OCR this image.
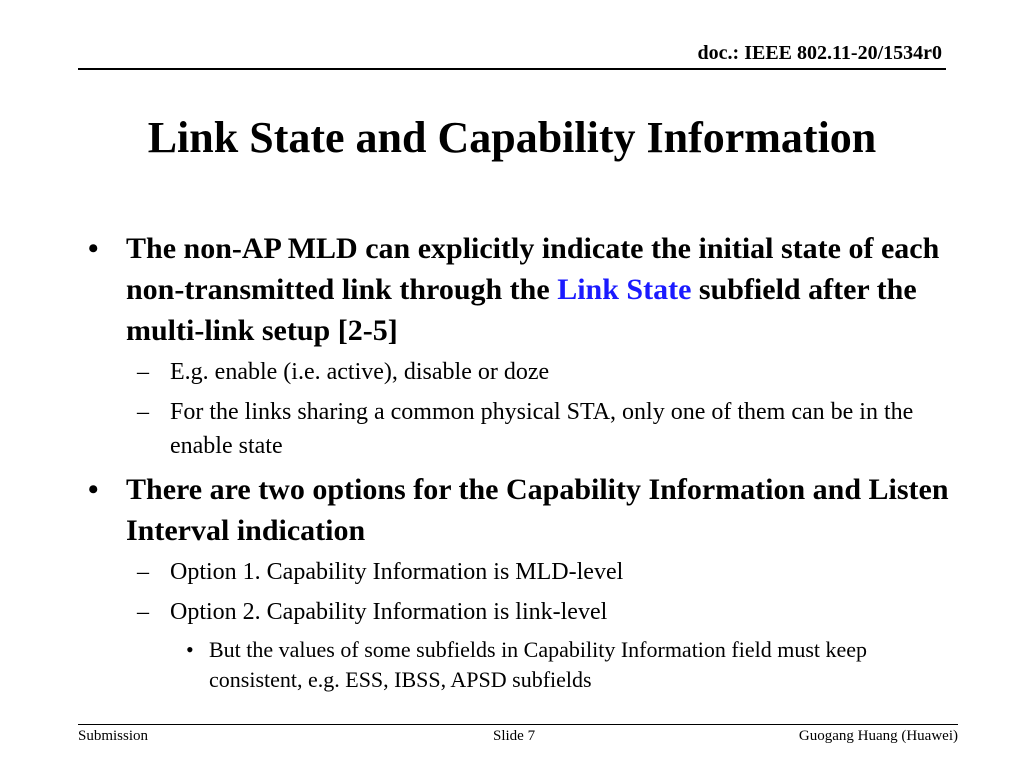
doc.: IEEE 802.11-20/1534r0
Link State and Capability Information
• The non-AP MLD can explicitly indicate the initial state of each non-transmitted link through the Link State subfield after the multi-link setup [2-5]
– E.g. enable (i.e. active), disable or doze
– For the links sharing a common physical STA, only one of them can be in the enable state
• There are two options for the Capability Information and Listen Interval indication
– Option 1. Capability Information is MLD-level
– Option 2. Capability Information is link-level
• But the values of some subfields in Capability Information field must keep consistent, e.g. ESS, IBSS, APSD subfields
Submission	Slide 7	Guogang Huang (Huawei)
